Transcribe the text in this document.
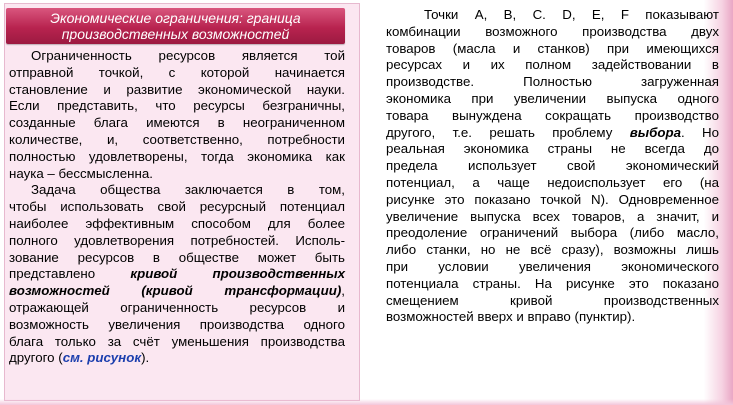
Экономические ограничения: граница
производственных возможностей
Ограниченность ресурсов является той
отправной точкой, с которой начинается
становление и развитие экономической науки.
Если представить, что ресурсы безграничны,
созданные блага имеются в неограниченном
количестве, и, соответственно, потребности
полностью удовлетворены, тогда экономика как
наука – бессмысленна.
Задача общества заключается в том,
чтобы использовать свой ресурсный потенциал
наиболее эффективным способом для более
полного удовлетворения потребностей. Исполь-
зование ресурсов в обществе может быть
представлено	кривой производственных
возможностей (кривой трансформации),
отражающей ограниченность ресурсов и
возможность увеличения производства одного
блага только за счёт уменьшения производства
другого (см. рисунок).
Точки A, B, C. D, E, F показывают
комбинации возможного производства двух
товаров (масла и станков) при имеющихся
ресурсах и их полном задействовании в
производстве. Полностью загруженная
экономика при увеличении выпуска одного
товара вынуждена сокращать производство
другого, т.е. решать проблему выбора. Но
реальная экономика страны не всегда до
предела использует свой экономический
потенциал, а чаще недоиспользует его (на
рисунке это показано точкой N). Одновременное
увеличение выпуска всех товаров, а значит, и
преодоление ограничений выбора (либо масло,
либо станки, но не всё сразу), возможны лишь
при условии увеличения экономического
потенциала страны. На рисунке это показано
смещением кривой производственных
возможностей вверх и вправо (пунктир).
